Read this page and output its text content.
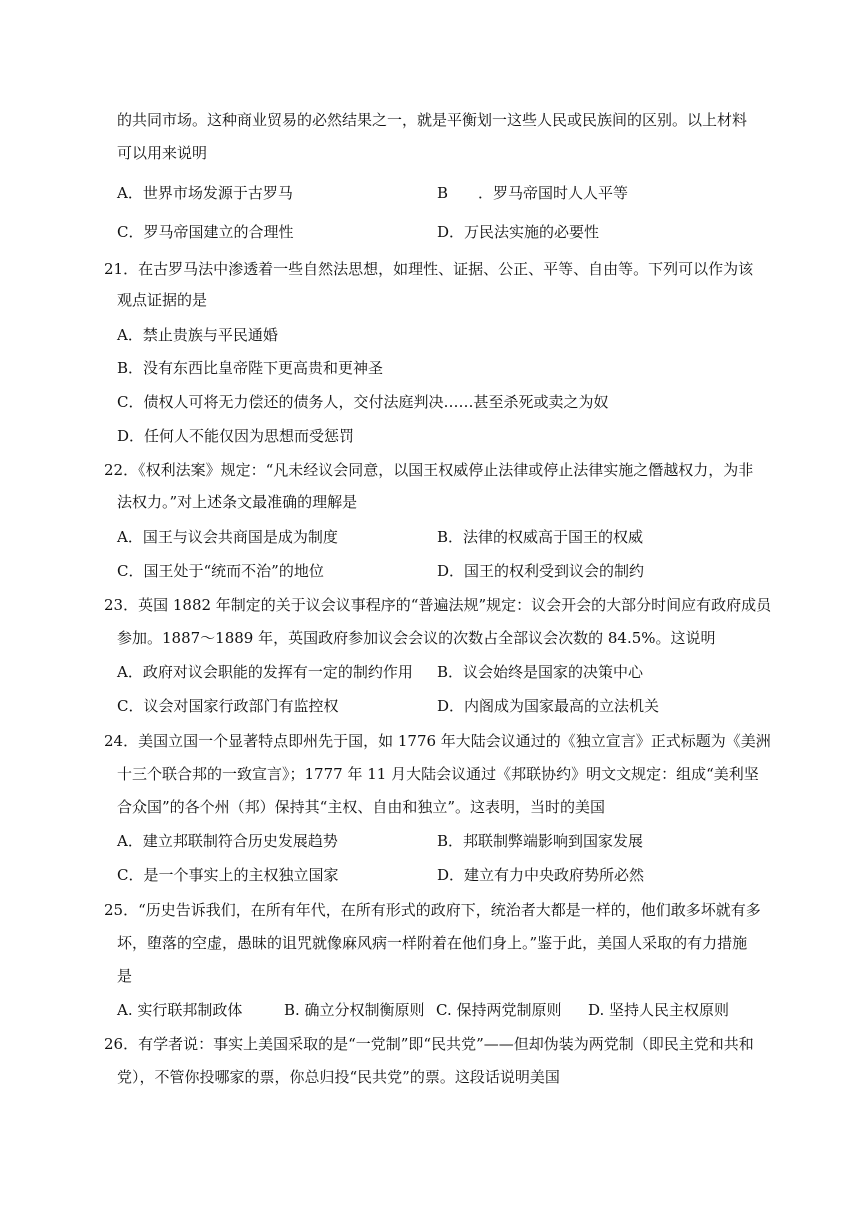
的共同市场。这种商业贸易的必然结果之一，就是平衡划一这些人民或民族间的区别。以上材料
可以用来说明
A．世界市场发源于古罗马	B　　．罗马帝国时人人平等
C．罗马帝国建立的合理性	D．万民法实施的必要性
21．在古罗马法中渗透着一些自然法思想，如理性、证据、公正、平等、自由等。下列可以作为该
观点证据的是
A．禁止贵族与平民通婚
B．没有东西比皇帝陛下更高贵和更神圣
C．债权人可将无力偿还的债务人，交付法庭判决……甚至杀死或卖之为奴
D．任何人不能仅因为思想而受惩罚
22．《权利法案》规定：“凡未经议会同意，以国王权威停止法律或停止法律实施之僭越权力，为非
法权力。”对上述条文最准确的理解是
A．国王与议会共商国是成为制度	B．法律的权威高于国王的权威
C．国王处于“统而不治”的地位	D．国王的权利受到议会的制约
23．英国 1882 年制定的关于议会议事程序的“普遍法规”规定：议会开会的大部分时间应有政府成员
参加。1887～1889 年，英国政府参加议会会议的次数占全部议会次数的 84.5%。这说明
A．政府对议会职能的发挥有一定的制约作用 B．议会始终是国家的决策中心
C．议会对国家行政部门有监控权	D．内阁成为国家最高的立法机关
24．美国立国一个显著特点即州先于国，如 1776 年大陆会议通过的《独立宣言》正式标题为《美洲
十三个联合邦的一致宣言》；1777 年 11 月大陆会议通过《邦联协约》明文文规定：组成“美利坚
合众国”的各个州（邦）保持其“主权、自由和独立”。这表明，当时的美国
A．建立邦联制符合历史发展趋势	B．邦联制弊端影响到国家发展
C．是一个事实上的主权独立国家	D．建立有力中央政府势所必然
25．“历史告诉我们，在所有年代，在所有形式的政府下，统治者大都是一样的，他们敢多坏就有多
坏，堕落的空虚，愚昧的诅咒就像麻风病一样附着在他们身上。”鉴于此，美国人采取的有力措施
是
A. 实行联邦制政体	B. 确立分权制衡原则 C. 保持两党制原则 D. 坚持人民主权原则
26．有学者说：事实上美国采取的是“一党制”即“民共党”——但却伪装为两党制（即民主党和共和
党），不管你投哪家的票，你总归投“民共党”的票。这段话说明美国
